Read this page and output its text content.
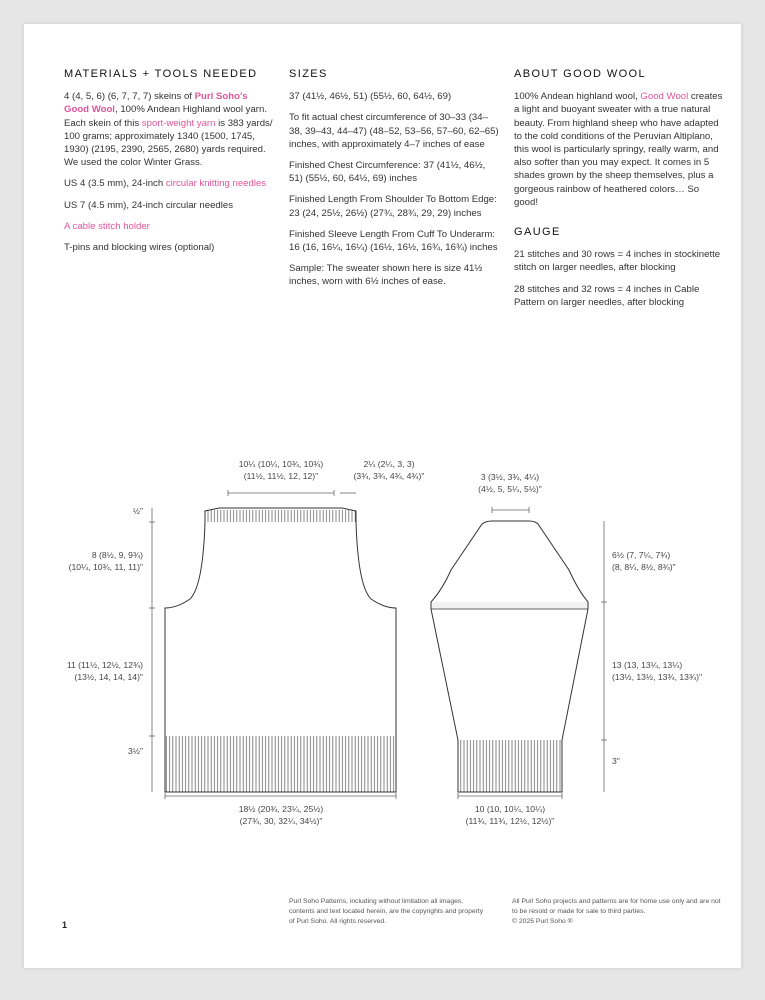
MATERIALS + TOOLS NEEDED

4 (4, 5, 6) (6, 7, 7, 7) skeins of Purl Soho's Good Wool, 100% Andean Highland wool yarn. Each skein of this sport-weight yarn is 383 yards/ 100 grams; approximately 1340 (1500, 1745, 1930) (2195, 2390, 2565, 2680) yards required. We used the color Winter Grass.

US 4 (3.5 mm), 24-inch circular knitting needles

US 7 (4.5 mm), 24-inch circular needles

A cable stitch holder

T-pins and blocking wires (optional)

SIZES

37 (41½, 46½, 51) (55½, 60, 64½, 69)

To fit actual chest circumference of 30–33 (34–38, 39–43, 44–47) (48–52, 53–56, 57–60, 62–65) inches, with approximately 4–7 inches of ease

Finished Chest Circumference: 37 (41½, 46½, 51) (55½, 60, 64½, 69) inches

Finished Length From Shoulder To Bottom Edge: 23 (24, 25½, 26½) (27¾, 28¾, 29, 29) inches

Finished Sleeve Length From Cuff To Underarm: 16 (16, 16¼, 16¼) (16½, 16½, 16¾, 16¾) inches

Sample: The sweater shown here is size 41½ inches, worn with 6½ inches of ease.

ABOUT GOOD WOOL

100% Andean highland wool, Good Wool creates a light and buoyant sweater with a true natural beauty. From highland sheep who have adapted to the cold conditions of the Peruvian Altiplano, this wool is particularly springy, really warm, and also softer than you may expect. It comes in 5 shades grown by the sheep themselves, plus a gorgeous rainbow of heathered colors… So good!

GAUGE

21 stitches and 30 rows = 4 inches in stockinette stitch on larger needles, after blocking

28 stitches and 32 rows = 4 inches in Cable Pattern on larger needles, after blocking

10¼ (10¼, 10¾, 10¾)
(11½, 11½, 12, 12)"
2¼ (2¼, 3, 3)
(3¾, 3¾, 4¾, 4¾)"
½"
8 (8½, 9, 9¾)
(10¼, 10¾, 11, 11)"
11 (11½, 12½, 12¾)
(13½, 14, 14, 14)"
3½"
18½ (20¾, 23¼, 25½)
(27¾, 30, 32¼, 34½)"
3 (3½, 3¾, 4¼)
(4½, 5, 5¼, 5½)"
6½ (7, 7¼, 7¾)
(8, 8¼, 8½, 8¾)"
13 (13, 13¼, 13¼)
(13½, 13½, 13¾, 13¾)"
3"
10 (10, 10¼, 10¼)
(11¾, 11¾, 12½, 12½)"
Purl Soho Patterns, including without limitation all images, contents and text located herein, are the copyrights and property of Purl Soho. All rights reserved.
All Purl Soho projects and patterns are for home use only and are not to be resold or made for sale to third parties.
© 2025 Purl Soho ®
1
